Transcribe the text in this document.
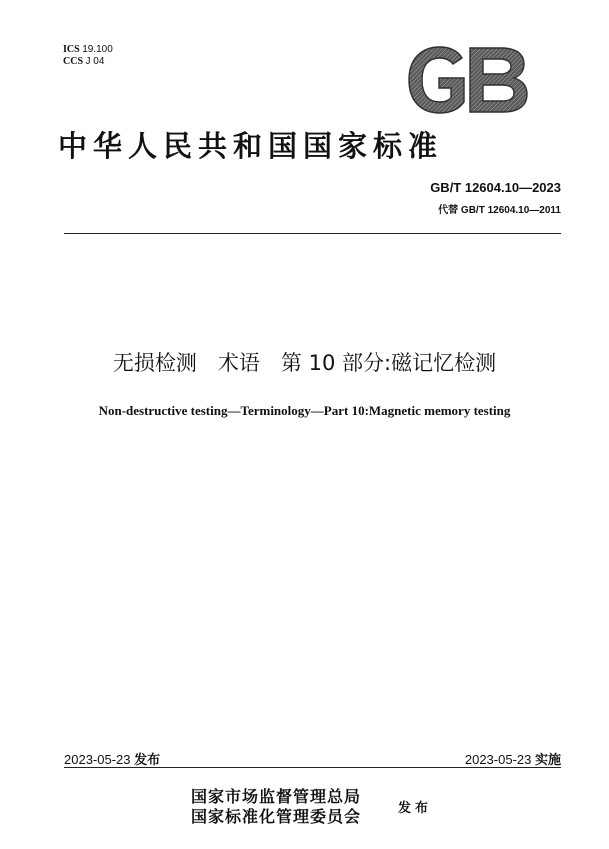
ICS 19.100
CCS J 04
中华人民共和国国家标准
GB/T 12604.10—2023
代替 GB/T 12604.10—2011
无损检测　术语　第 10 部分:磁记忆检测
Non-destructive testing—Terminology—Part 10:Magnetic memory testing
2023-05-23 发布	2023-05-23 实施
国家市场监督管理总局
国家标准化管理委员会	发布
